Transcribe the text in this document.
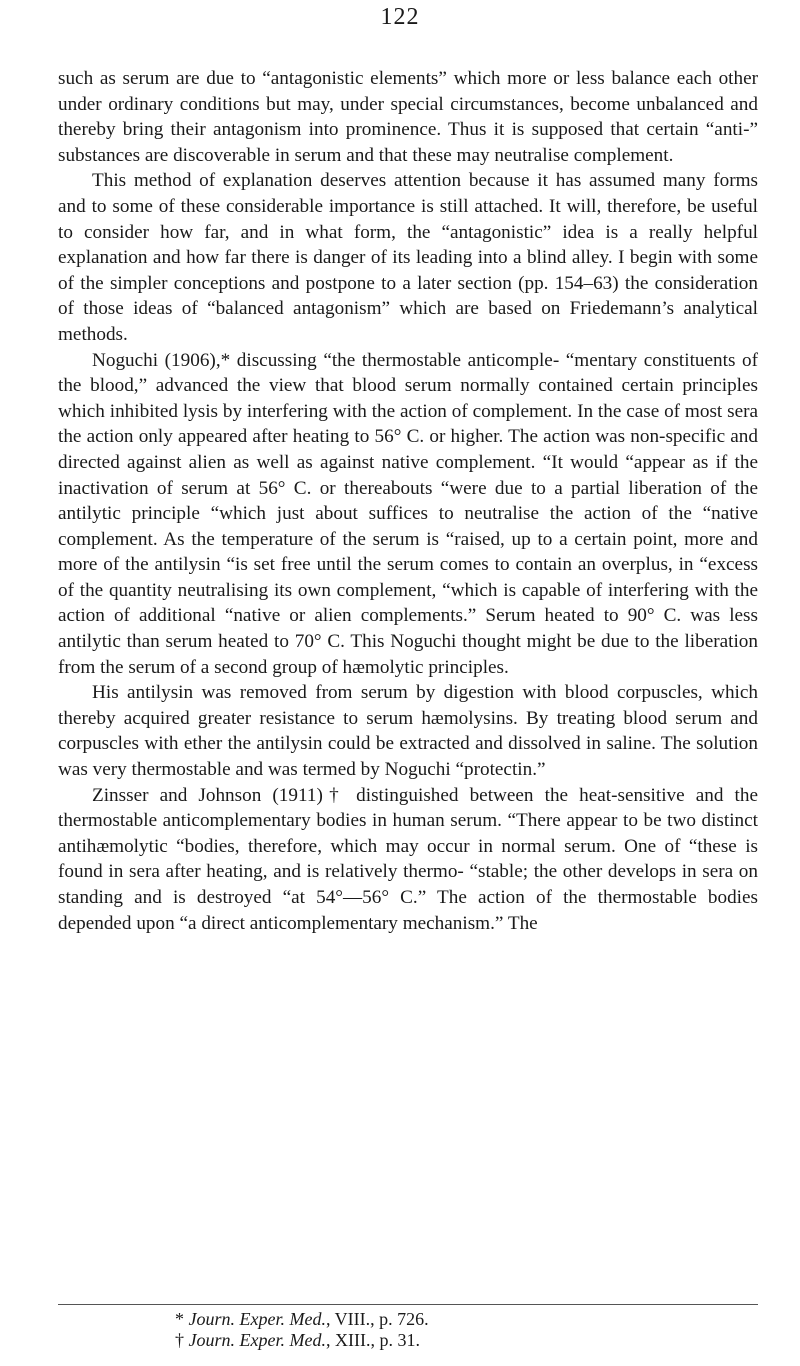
122

such as serum are due to “antagonistic elements” which more or less balance each other under ordinary conditions but may, under special circumstances, become unbalanced and thereby bring their antagonism into prominence. Thus it is supposed that certain “anti-” substances are discoverable in serum and that these may neutralise complement.

This method of explanation deserves attention because it has assumed many forms and to some of these considerable importance is still attached. It will, therefore, be useful to consider how far, and in what form, the “antagonistic” idea is a really helpful explanation and how far there is danger of its leading into a blind alley. I begin with some of the simpler conceptions and postpone to a later section (pp. 154–63) the consideration of those ideas of “balanced antagonism” which are based on Friedemann’s analytical methods.

Noguchi (1906),* discussing “the thermostable anticomple- “mentary constituents of the blood,” advanced the view that blood serum normally contained certain principles which inhibited lysis by interfering with the action of complement. In the case of most sera the action only appeared after heating to 56° C. or higher. The action was non-specific and directed against alien as well as against native complement. “It would “appear as if the inactivation of serum at 56° C. or thereabouts “were due to a partial liberation of the antilytic principle “which just about suffices to neutralise the action of the “native complement. As the temperature of the serum is “raised, up to a certain point, more and more of the antilysin “is set free until the serum comes to contain an overplus, in “excess of the quantity neutralising its own complement, “which is capable of interfering with the action of additional “native or alien complements.” Serum heated to 90° C. was less antilytic than serum heated to 70° C. This Noguchi thought might be due to the liberation from the serum of a second group of hæmolytic principles.

His antilysin was removed from serum by digestion with blood corpuscles, which thereby acquired greater resistance to serum hæmolysins. By treating blood serum and corpuscles with ether the antilysin could be extracted and dissolved in saline. The solution was very thermostable and was termed by Noguchi “protectin.”

Zinsser and Johnson (1911)† distinguished between the heat-sensitive and the thermostable anticomplementary bodies in human serum. “There appear to be two distinct antihæmolytic “bodies, therefore, which may occur in normal serum. One of “these is found in sera after heating, and is relatively thermo- “stable; the other develops in sera on standing and is destroyed “at 54°—56° C.” The action of the thermostable bodies depended upon “a direct anticomplementary mechanism.” The

* Journ. Exper. Med., VIII., p. 726.

† Journ. Exper. Med., XIII., p. 31.
